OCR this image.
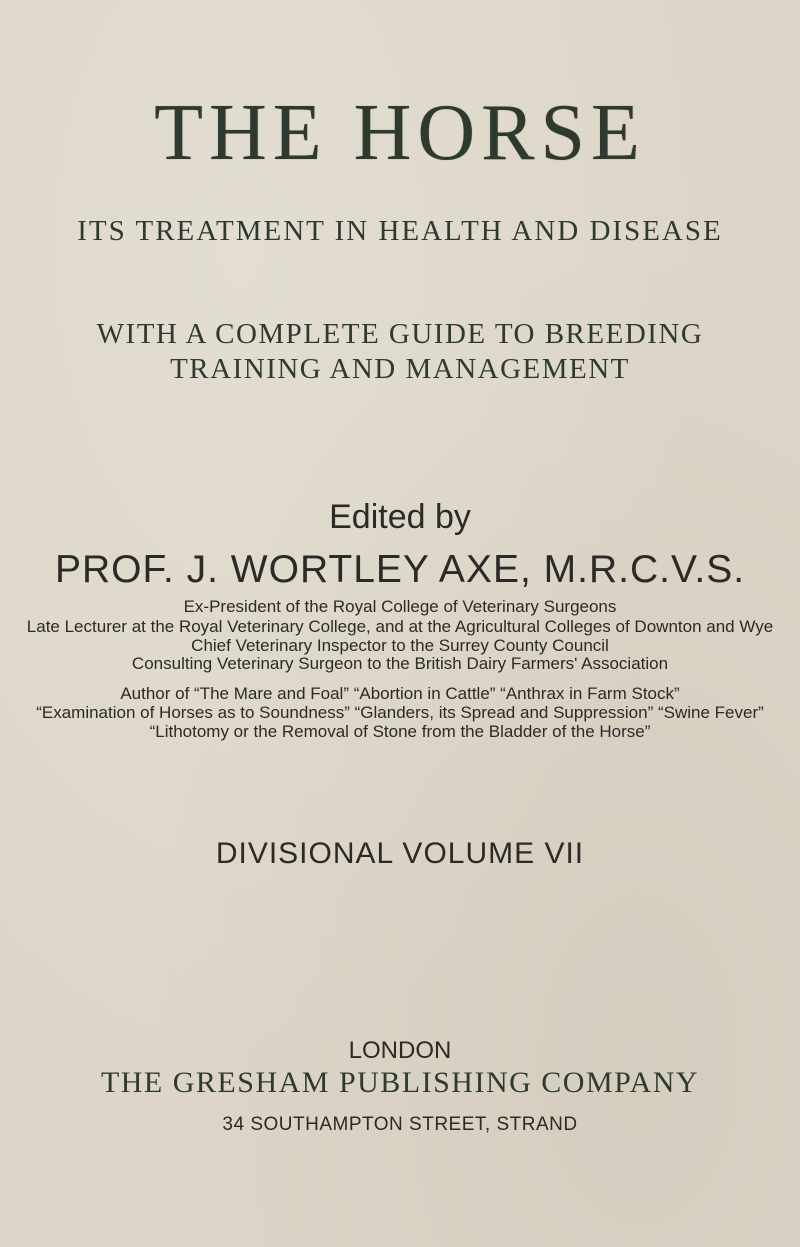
THE HORSE
ITS TREATMENT IN HEALTH AND DISEASE
WITH A COMPLETE GUIDE TO BREEDING
TRAINING AND MANAGEMENT
Edited by
PROF. J. WORTLEY AXE, M.R.C.V.S.
Ex-President of the Royal College of Veterinary Surgeons
Late Lecturer at the Royal Veterinary College, and at the Agricultural Colleges of Downton and Wye
Chief Veterinary Inspector to the Surrey County Council
Consulting Veterinary Surgeon to the British Dairy Farmers' Association
Author of “The Mare and Foal” “Abortion in Cattle” “Anthrax in Farm Stock”
“Examination of Horses as to Soundness” “Glanders, its Spread and Suppression” “Swine Fever”
“Lithotomy or the Removal of Stone from the Bladder of the Horse”
DIVISIONAL VOLUME VII
LONDON
THE GRESHAM PUBLISHING COMPANY
34 SOUTHAMPTON STREET, STRAND
